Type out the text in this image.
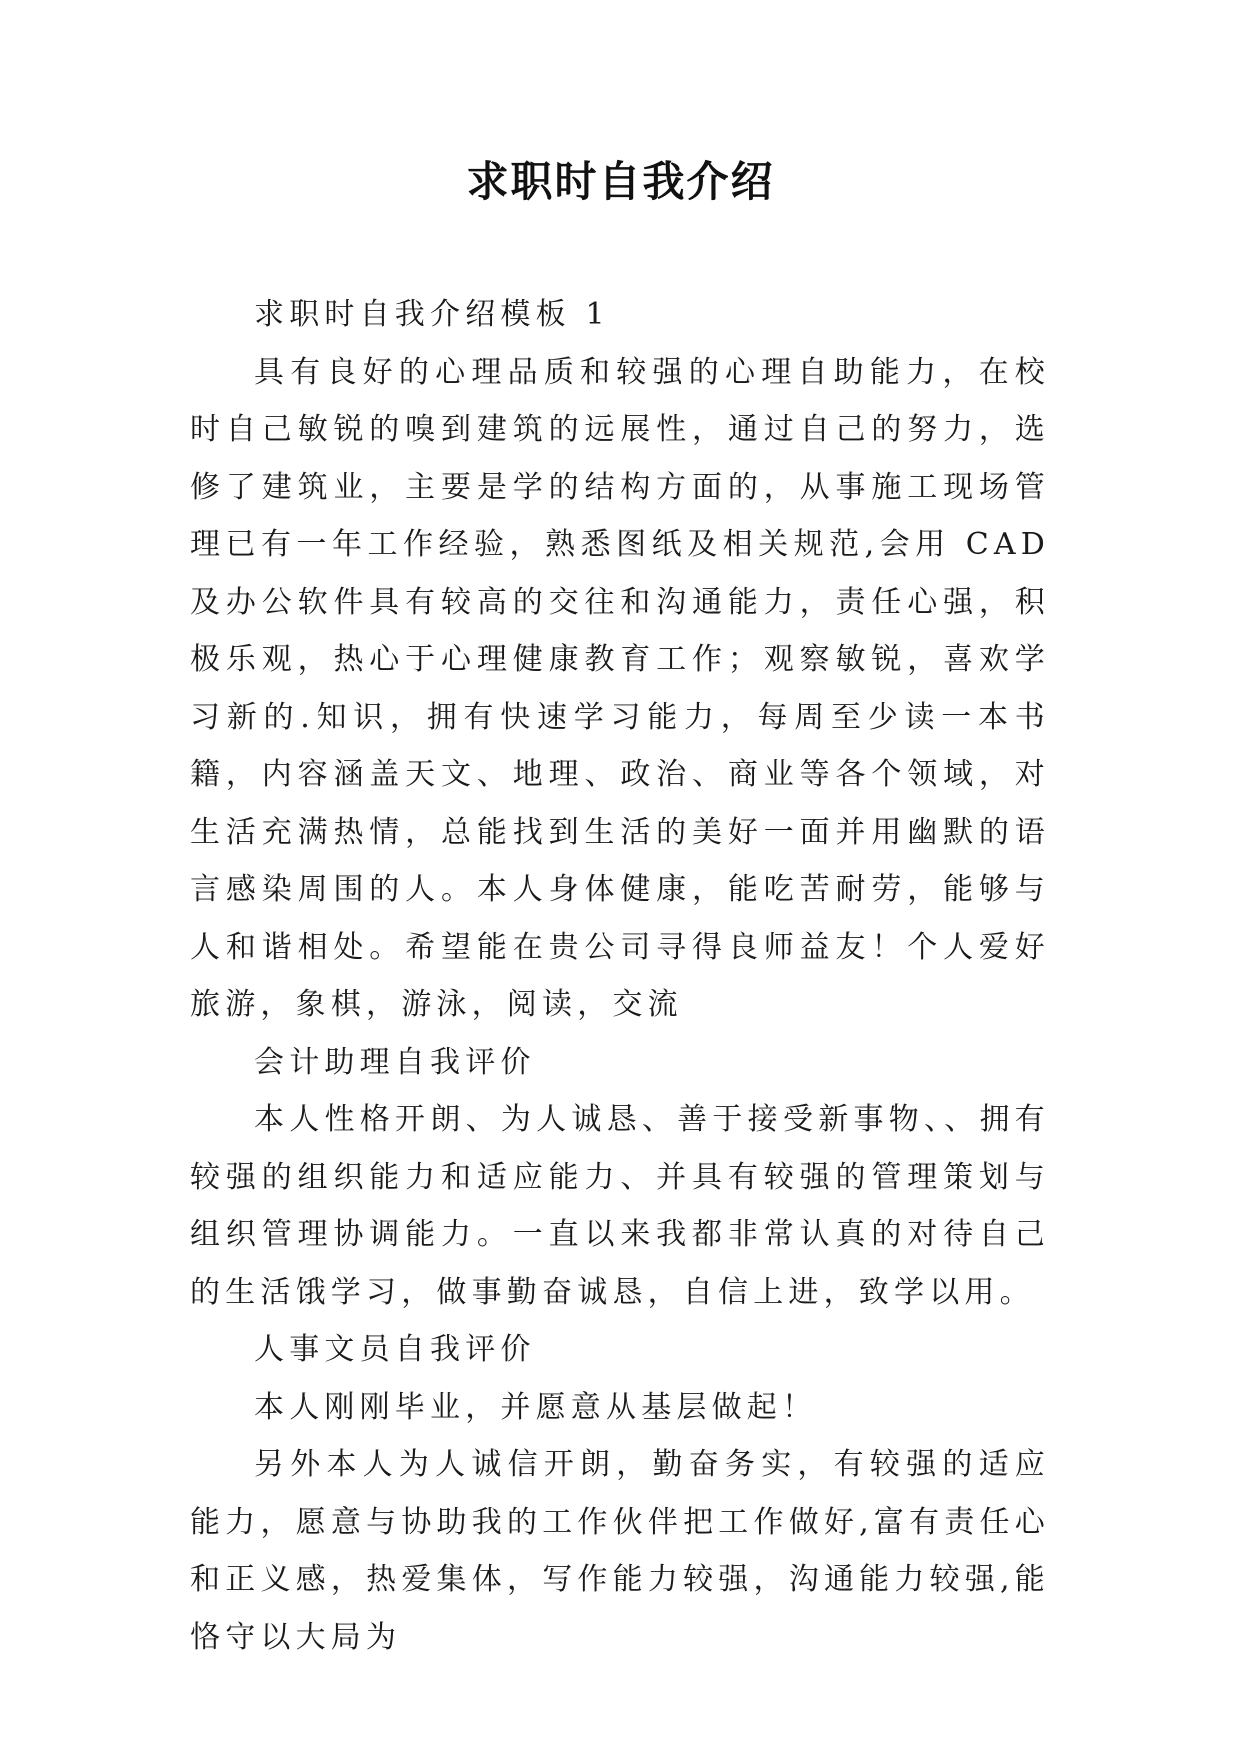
求职时自我介绍

求职时自我介绍模板 1

具有良好的心理品质和较强的心理自助能力，在校时自己敏锐的嗅到建筑的远展性，通过自己的努力，选修了建筑业，主要是学的结构方面的，从事施工现场管理已有一年工作经验，熟悉图纸及相关规范,会用 CAD 及办公软件具有较高的交往和沟通能力，责任心强，积极乐观，热心于心理健康教育工作；观察敏锐，喜欢学习新的.知识，拥有快速学习能力，每周至少读一本书籍，内容涵盖天文、地理、政治、商业等各个领域，对生活充满热情，总能找到生活的美好一面并用幽默的语言感染周围的人。本人身体健康，能吃苦耐劳，能够与人和谐相处。希望能在贵公司寻得良师益友！个人爱好旅游，象棋，游泳，阅读，交流

会计助理自我评价

本人性格开朗、为人诚恳、善于接受新事物、、拥有较强的组织能力和适应能力、并具有较强的管理策划与组织管理协调能力。一直以来我都非常认真的对待自己的生活饿学习，做事勤奋诚恳，自信上进，致学以用。

人事文员自我评价

本人刚刚毕业，并愿意从基层做起！

另外本人为人诚信开朗，勤奋务实，有较强的适应能力，愿意与协助我的工作伙伴把工作做好,富有责任心和正义感，热爱集体，写作能力较强，沟通能力较强,能恪守以大局为
